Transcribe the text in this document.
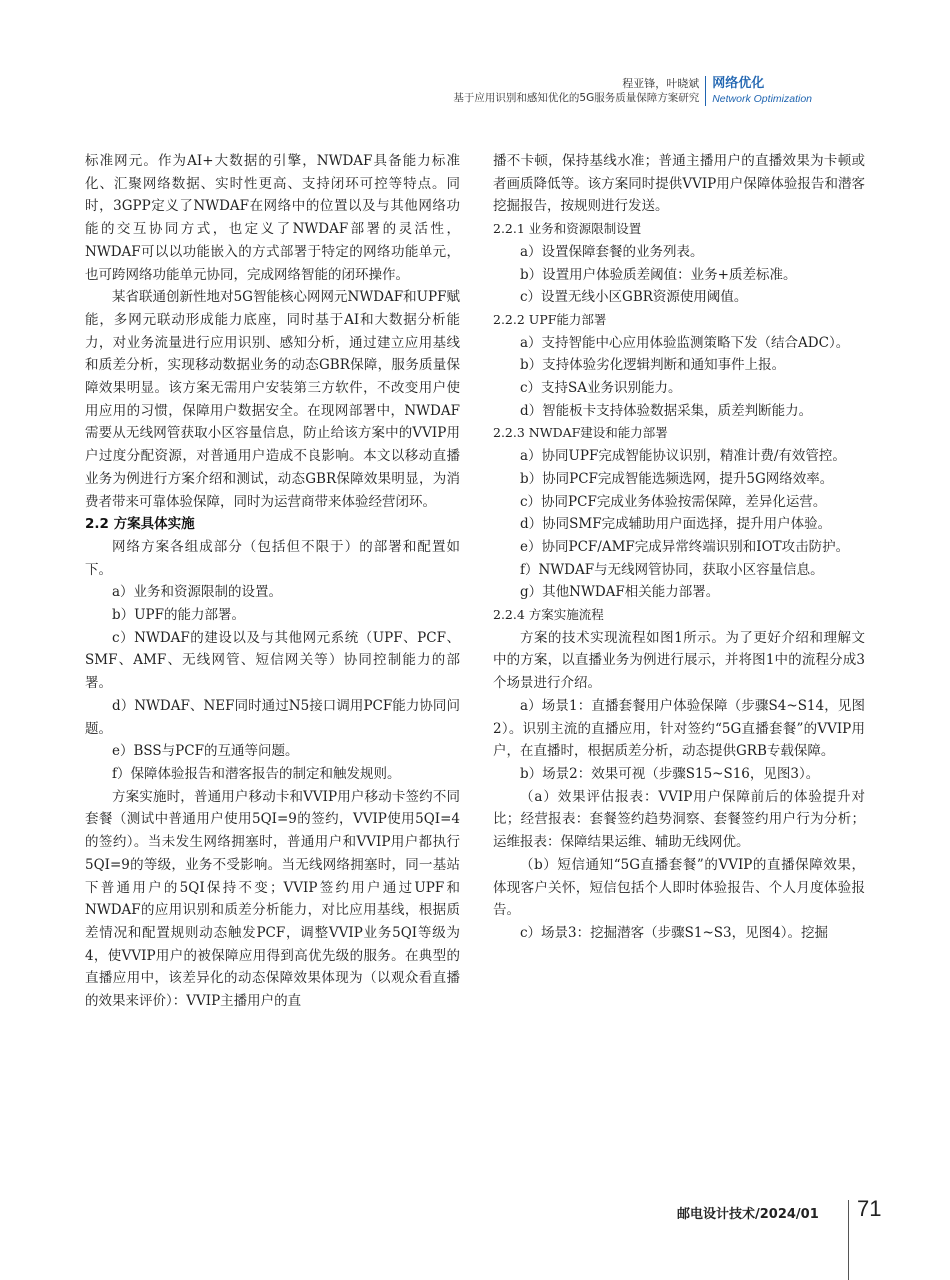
程亚锋，叶晓斌
基于应用识别和感知优化的5G服务质量保障方案研究
网络优化
Network Optimization

标准网元。作为AI+大数据的引擎，NWDAF具备能力标准化、汇聚网络数据、实时性更高、支持闭环可控等特点。同时，3GPP定义了NWDAF在网络中的位置以及与其他网络功能的交互协同方式，也定义了NWDAF部署的灵活性，NWDAF可以以功能嵌入的方式部署于特定的网络功能单元，也可跨网络功能单元协同，完成网络智能的闭环操作。

某省联通创新性地对5G智能核心网网元NWDAF和UPF赋能，多网元联动形成能力底座，同时基于AI和大数据分析能力，对业务流量进行应用识别、感知分析，通过建立应用基线和质差分析，实现移动数据业务的动态GBR保障，服务质量保障效果明显。该方案无需用户安装第三方软件，不改变用户使用应用的习惯，保障用户数据安全。在现网部署中，NWDAF需要从无线网管获取小区容量信息，防止给该方案中的VVIP用户过度分配资源，对普通用户造成不良影响。本文以移动直播业务为例进行方案介绍和测试，动态GBR保障效果明显，为消费者带来可靠体验保障，同时为运营商带来体验经营闭环。

2.2 方案具体实施

网络方案各组成部分（包括但不限于）的部署和配置如下。

a）业务和资源限制的设置。

b）UPF的能力部署。

c）NWDAF的建设以及与其他网元系统（UPF、PCF、SMF、AMF、无线网管、短信网关等）协同控制能力的部署。

d）NWDAF、NEF同时通过N5接口调用PCF能力协同问题。

e）BSS与PCF的互通等问题。

f）保障体验报告和潜客报告的制定和触发规则。

方案实施时，普通用户移动卡和VVIP用户移动卡签约不同套餐（测试中普通用户使用5QI=9的签约，VVIP使用5QI=4的签约）。当未发生网络拥塞时，普通用户和VVIP用户都执行5QI=9的等级，业务不受影响。当无线网络拥塞时，同一基站下普通用户的5QI保持不变；VVIP签约用户通过UPF和NWDAF的应用识别和质差分析能力，对比应用基线，根据质差情况和配置规则动态触发PCF，调整VVIP业务5QI等级为4，使VVIP用户的被保障应用得到高优先级的服务。在典型的直播应用中，该差异化的动态保障效果体现为（以观众看直播的效果来评价）：VVIP主播用户的直

播不卡顿，保持基线水准；普通主播用户的直播效果为卡顿或者画质降低等。该方案同时提供VVIP用户保障体验报告和潜客挖掘报告，按规则进行发送。

2.2.1 业务和资源限制设置

a）设置保障套餐的业务列表。

b）设置用户体验质差阈值：业务+质差标准。

c）设置无线小区GBR资源使用阈值。

2.2.2 UPF能力部署

a）支持智能中心应用体验监测策略下发（结合ADC）。

b）支持体验劣化逻辑判断和通知事件上报。

c）支持SA业务识别能力。

d）智能板卡支持体验数据采集，质差判断能力。

2.2.3 NWDAF建设和能力部署

a）协同UPF完成智能协议识别，精准计费/有效管控。

b）协同PCF完成智能选频选网，提升5G网络效率。

c）协同PCF完成业务体验按需保障，差异化运营。

d）协同SMF完成辅助用户面选择，提升用户体验。

e）协同PCF/AMF完成异常终端识别和IOT攻击防护。

f）NWDAF与无线网管协同，获取小区容量信息。

g）其他NWDAF相关能力部署。

2.2.4 方案实施流程

方案的技术实现流程如图1所示。为了更好介绍和理解文中的方案，以直播业务为例进行展示，并将图1中的流程分成3个场景进行介绍。

a）场景1：直播套餐用户体验保障（步骤S4~S14，见图2）。识别主流的直播应用，针对签约“5G直播套餐”的VVIP用户，在直播时，根据质差分析，动态提供GRB专载保障。

b）场景2：效果可视（步骤S15~S16，见图3）。

（a）效果评估报表：VVIP用户保障前后的体验提升对比；经营报表：套餐签约趋势洞察、套餐签约用户行为分析；运维报表：保障结果运维、辅助无线网优。

（b）短信通知“5G直播套餐”的VVIP的直播保障效果，体现客户关怀，短信包括个人即时体验报告、个人月度体验报告。

c）场景3：挖掘潜客（步骤S1~S3，见图4）。挖掘

邮电设计技术/2024/01 71
